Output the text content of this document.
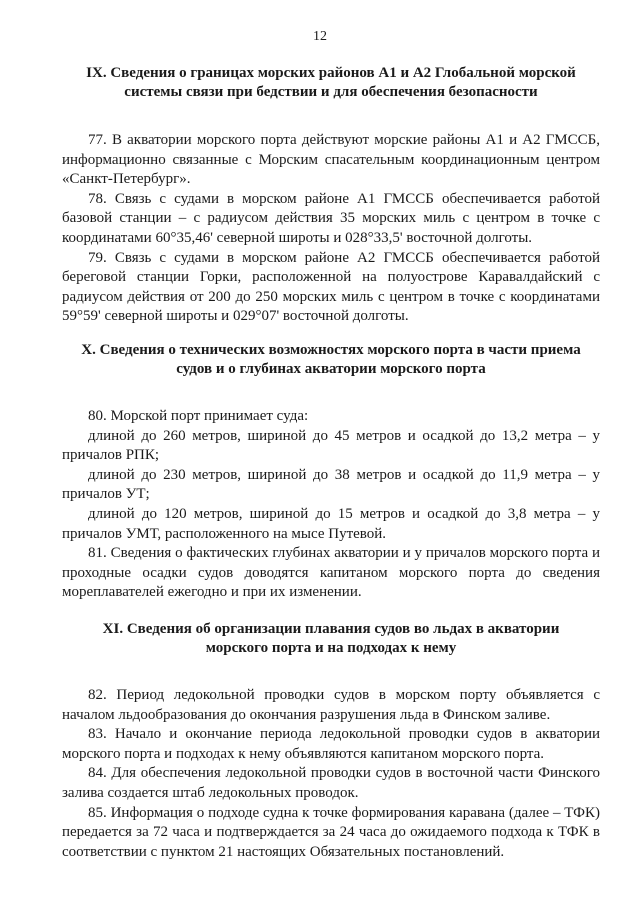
12
IX. Сведения о границах морских районов А1 и А2 Глобальной морской
системы связи при бедствии и для обеспечения безопасности

77. В акватории морского порта действуют морские районы А1 и А2 ГМССБ, информационно связанные с Морским спасательным координационным центром «Санкт-Петербург».

78. Связь с судами в морском районе А1 ГМССБ обеспечивается работой базовой станции – с радиусом действия 35 морских миль с центром в точке с координатами 60°35,46' северной широты и 028°33,5' восточной долготы.

79. Связь с судами в морском районе А2 ГМССБ обеспечивается работой береговой станции Горки, расположенной на полуострове Каравалдайский с радиусом действия от 200 до 250 морских миль с центром в точке с координатами 59°59' северной широты и 029°07' восточной долготы.

X. Сведения о технических возможностях морского порта в части приема
судов и о глубинах акватории морского порта

80. Морской порт принимает суда:

длиной до 260 метров, шириной до 45 метров и осадкой до 13,2 метра – у причалов РПК;

длиной до 230 метров, шириной до 38 метров и осадкой до 11,9 метра – у причалов УТ;

длиной до 120 метров, шириной до 15 метров и осадкой до 3,8 метра – у причалов УМТ, расположенного на мысе Путевой.

81. Сведения о фактических глубинах акватории и у причалов морского порта и проходные осадки судов доводятся капитаном морского порта до сведения мореплавателей ежегодно и при их изменении.

XI. Сведения об организации плавания судов во льдах в акватории
морского порта и на подходах к нему

82. Период ледокольной проводки судов в морском порту объявляется с началом льдообразования до окончания разрушения льда в Финском заливе.

83. Начало и окончание периода ледокольной проводки судов в акватории морского порта и подходах к нему объявляются капитаном морского порта.

84. Для обеспечения ледокольной проводки судов в восточной части Финского залива создается штаб ледокольных проводок.

85. Информация о подходе судна к точке формирования каравана (далее – ТФК) передается за 72 часа и подтверждается за 24 часа до ожидаемого подхода к ТФК в соответствии с пунктом 21 настоящих Обязательных постановлений.
